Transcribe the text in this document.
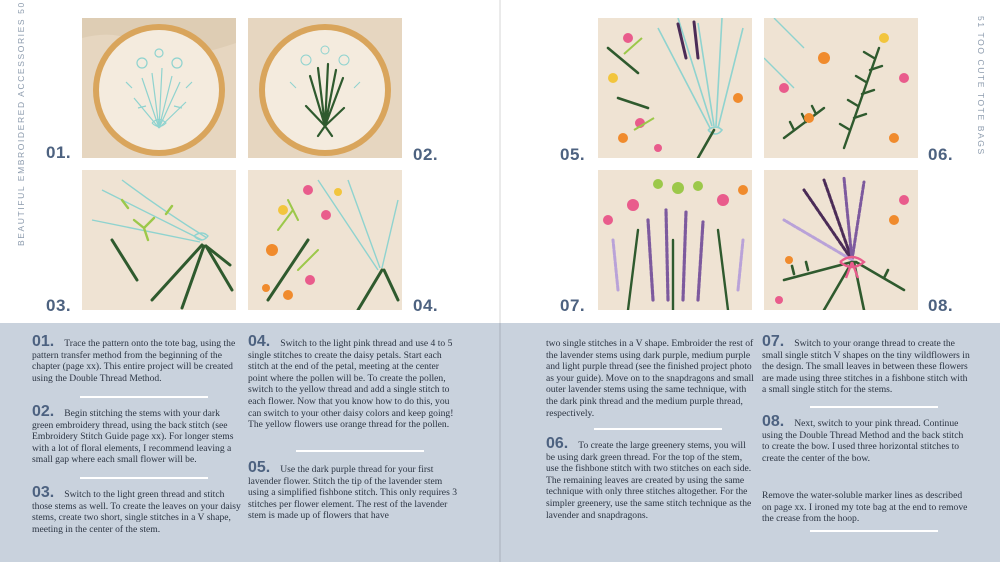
BEAUTIFUL EMBROIDERED ACCESSORIES 50	51 TOO CUTE TOTE BAGS
01.	02.
03.	04.
05.	06.
07.	08.
01. Trace the pattern onto the tote bag, using the pattern transfer method from the beginning of the chapter (page xx). This entire project will be created using the Double Thread Method.
02. Begin stitching the stems with your dark green embroidery thread, using the back stitch (see Embroidery Stitch Guide page xx). For longer stems with a lot of floral elements, I recommend leaving a small gap where each small flower will be.
03. Switch to the light green thread and stitch those stems as well. To create the leaves on your daisy stems, create two short, single stitches in a V shape, meeting in the center of the stem.
04. Switch to the light pink thread and use 4 to 5 single stitches to create the daisy petals. Start each stitch at the end of the petal, meeting at the center point where the pollen will be. To create the pollen, switch to the yellow thread and add a single stitch to each flower. Now that you know how to do this, you can switch to your other daisy colors and keep going! The yellow flowers use orange thread for the pollen.
05. Use the dark purple thread for your first lavender flower. Stitch the tip of the lavender stem using a simplified fishbone stitch. This only requires 3 stitches per flower element. The rest of the lavender stem is made up of flowers that have
two single stitches in a V shape. Embroider the rest of the lavender stems using dark purple, medium purple and light purple thread (see the finished project photo as your guide). Move on to the snapdragons and small outer lavender stems using the same technique, with the dark pink thread and the medium purple thread, respectively.
06. To create the large greenery stems, you will be using dark green thread. For the top of the stem, use the fishbone stitch with two stitches on each side. The remaining leaves are created by using the same technique with only three stitches altogether. For the simpler greenery, use the same stitch technique as the lavender and snapdragons.
07. Switch to your orange thread to create the small single stitch V shapes on the tiny wildflowers in the design. The small leaves in between these flowers are made using three stitches in a fishbone stitch with a small single stitch for the stems.
08. Next, switch to your pink thread. Continue using the Double Thread Method and the back stitch to create the bow. I used three horizontal stitches to create the center of the bow.
Remove the water-soluble marker lines as described on page xx. I ironed my tote bag at the end to remove the crease from the hoop.
